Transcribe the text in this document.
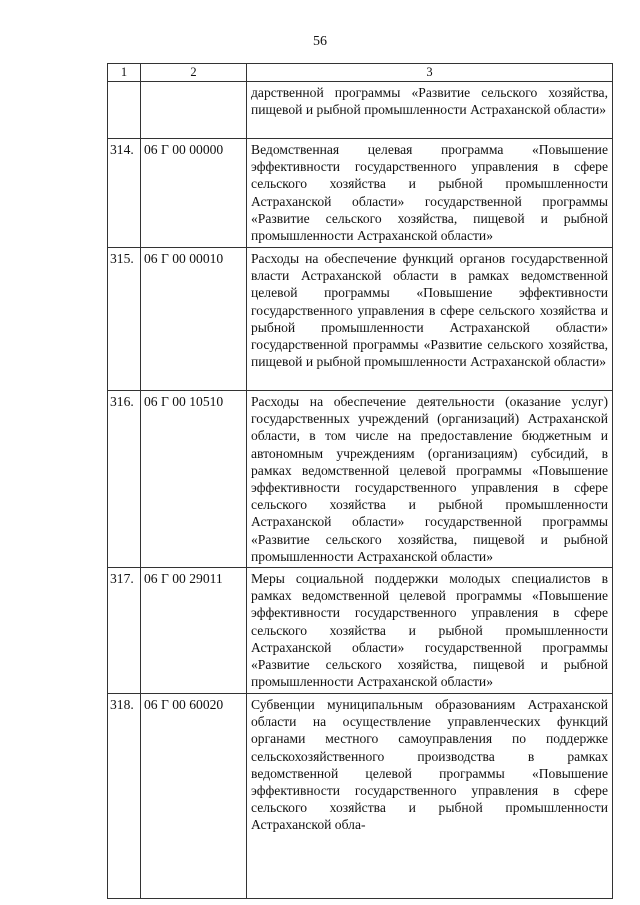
56
1	2	3
		дарственной программы «Развитие сельского хозяйства, пищевой и рыбной промышленности Астраханской области»
314.	06 Г 00 00000	Ведомственная целевая программа «Повышение эффективности государственного управления в сфере сельского хозяйства и рыбной промышленности Астраханской области» государственной программы «Развитие сельского хозяйства, пищевой и рыбной промышленности Астраханской области»
315.	06 Г 00 00010	Расходы на обеспечение функций органов государственной власти Астраханской области в рамках ведомственной целевой программы «Повышение эффективности государственного управления в сфере сельского хозяйства и рыбной промышленности Астраханской области» государственной программы «Развитие сельского хозяйства, пищевой и рыбной промышленности Астраханской области»
316.	06 Г 00 10510	Расходы на обеспечение деятельности (оказание услуг) государственных учреждений (организаций) Астраханской области, в том числе на предоставление бюджетным и автономным учреждениям (организациям) субсидий, в рамках ведомственной целевой программы «Повышение эффективности государственного управления в сфере сельского хозяйства и рыбной промышленности Астраханской области» государственной программы «Развитие сельского хозяйства, пищевой и рыбной промышленности Астраханской области»
317.	06 Г 00 29011	Меры социальной поддержки молодых специалистов в рамках ведомственной целевой программы «Повышение эффективности государственного управления в сфере сельского хозяйства и рыбной промышленности Астраханской области» государственной программы «Развитие сельского хозяйства, пищевой и рыбной промышленности Астраханской области»
318.	06 Г 00 60020	Субвенции муниципальным образованиям Астраханской области на осуществление управленческих функций органами местного самоуправления по поддержке сельскохозяйственного производства в рамках ведомственной целевой программы «Повышение эффективности государственного управления в сфере сельского хозяйства и рыбной промышленности Астраханской обла-
